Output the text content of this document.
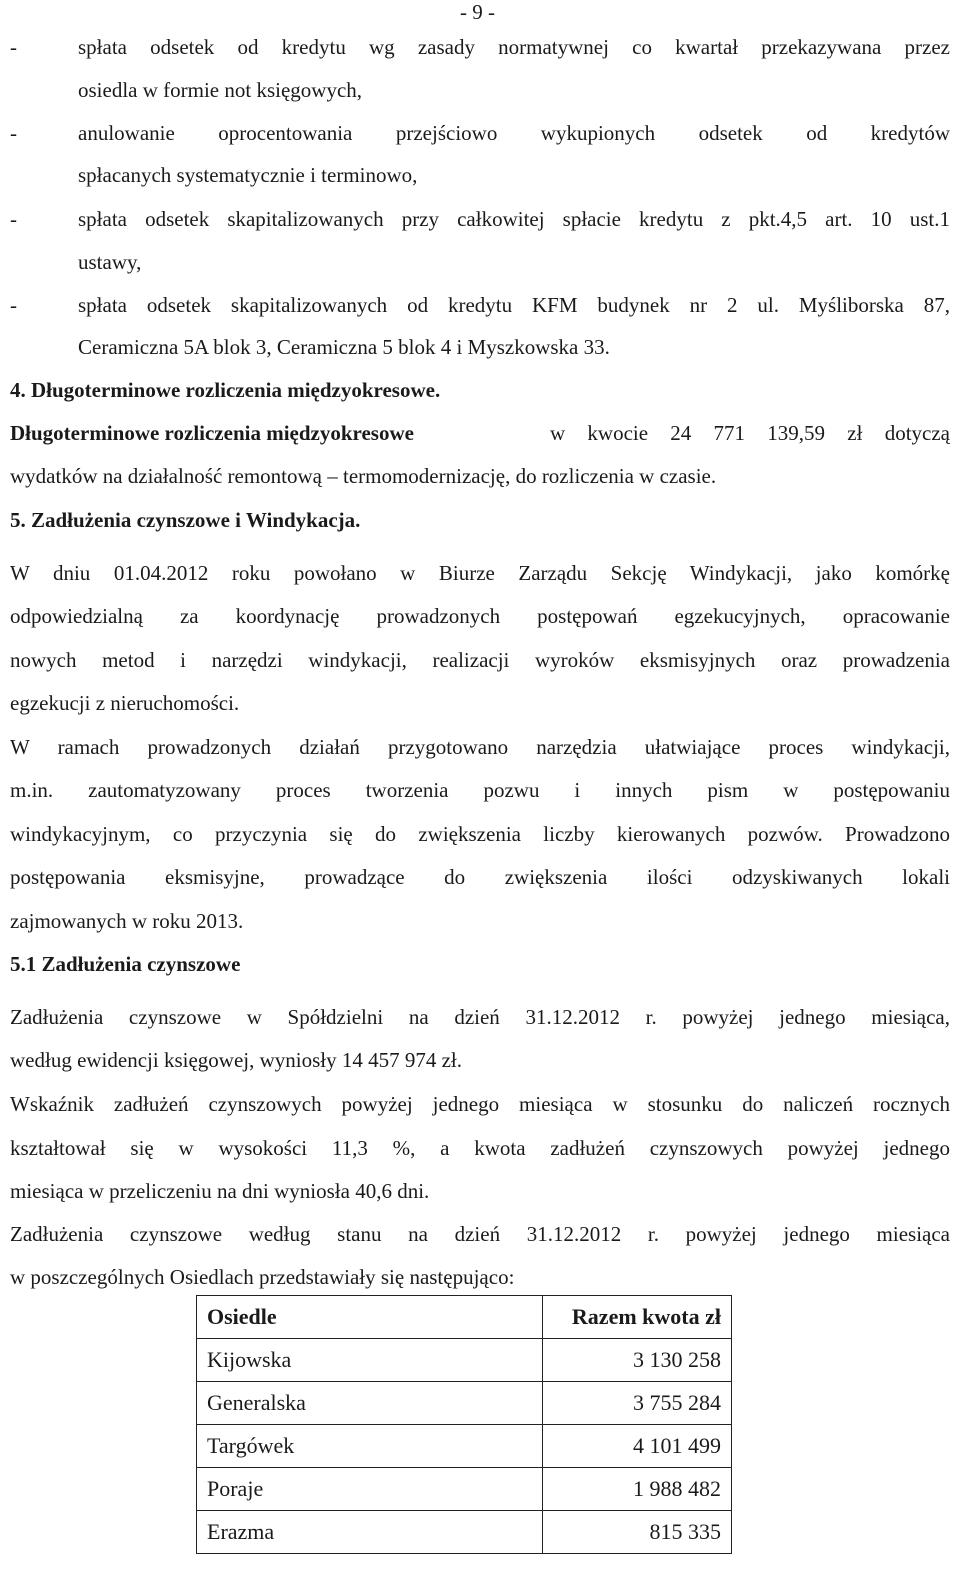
- 9 -
-	spłata odsetek od kredytu wg zasady normatywnej co kwartał przekazywana przez
osiedla w formie not księgowych,
-	anulowanie oprocentowania przejściowo wykupionych odsetek od kredytów
spłacanych systematycznie i terminowo,
-	spłata odsetek skapitalizowanych przy całkowitej spłacie kredytu z pkt.4,5 art. 10 ust.1
ustawy,
-	spłata odsetek skapitalizowanych od kredytu KFM budynek nr 2 ul. Myśliborska 87,
Ceramiczna 5A blok 3, Ceramiczna 5 blok 4 i Myszkowska 33.
4. Długoterminowe rozliczenia międzyokresowe.
Długoterminowe rozliczenia międzyokresowe	w kwocie 24 771 139,59 zł dotyczą
wydatków na działalność remontową – termomodernizację, do rozliczenia w czasie.
5. Zadłużenia czynszowe i Windykacja.
W dniu 01.04.2012 roku powołano w Biurze Zarządu Sekcję Windykacji, jako komórkę
odpowiedzialną za koordynację prowadzonych postępowań egzekucyjnych, opracowanie
nowych metod i narzędzi windykacji, realizacji wyroków eksmisyjnych oraz prowadzenia
egzekucji z nieruchomości.
W ramach prowadzonych działań przygotowano narzędzia ułatwiające proces windykacji,
m.in. zautomatyzowany proces tworzenia pozwu i innych pism w postępowaniu
windykacyjnym, co przyczynia się do zwiększenia liczby kierowanych pozwów. Prowadzono
postępowania eksmisyjne, prowadzące do zwiększenia ilości odzyskiwanych lokali
zajmowanych w roku 2013.
5.1 Zadłużenia czynszowe
Zadłużenia czynszowe w Spółdzielni na dzień 31.12.2012 r. powyżej jednego miesiąca,
według ewidencji księgowej, wyniosły 14 457 974 zł.
Wskaźnik zadłużeń czynszowych powyżej jednego miesiąca w stosunku do naliczeń rocznych
kształtował się w wysokości 11,3 %, a kwota zadłużeń czynszowych powyżej jednego
miesiąca w przeliczeniu na dni wyniosła 40,6 dni.
Zadłużenia czynszowe według stanu na dzień 31.12.2012 r. powyżej jednego miesiąca
w poszczególnych Osiedlach przedstawiały się następująco:
Osiedle	Razem kwota zł
Kijowska	3 130 258
Generalska	3 755 284
Targówek	4 101 499
Poraje	1 988 482
Erazma	815 335
